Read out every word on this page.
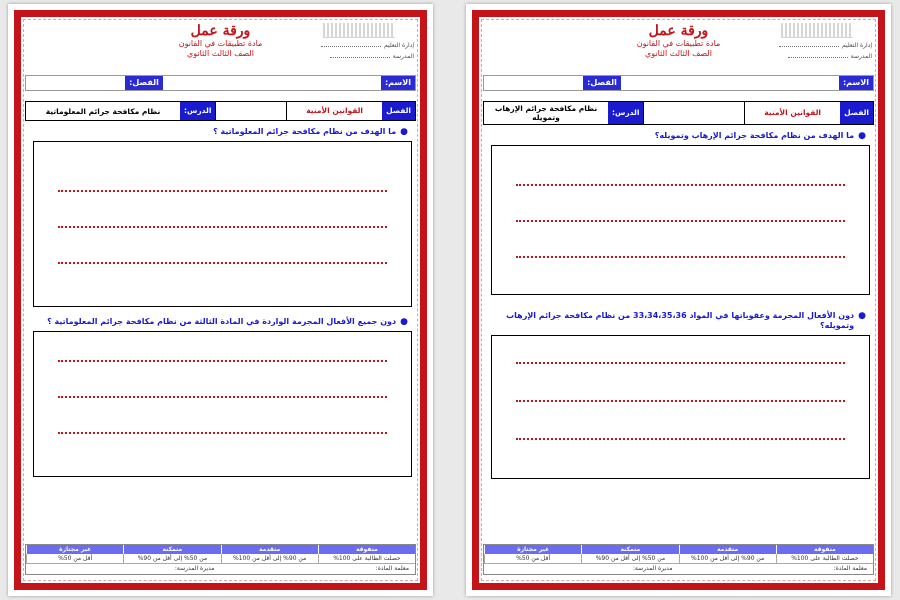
إدارة التعليم
المدرسة
ورقة عمل
مادة تطبيقات في القانون
الصف الثالث الثانوي
الاسم:
الفصل:
الفصل
القوانين الأمنية
الدرس:
نظام مكافحة جرائم المعلوماتية
●
ما الهدف من نظام مكافحة جرائم المعلوماتية ؟
●
دون جميع الأفعال المجرمة الواردة في المادة الثالثة من نظام مكافحة جرائم المعلوماتية ؟
متفوقة
متقدمة
متمكنة
غير مجتازة
حصلت الطالبة على 100%
من 90% إلى أقل من 100%
من 50% إلى أقل من 90%
أقل من 50%
معلمة المادة:
مديرة المدرسة:
إدارة التعليم
المدرسة
ورقة عمل
مادة تطبيقات في القانون
الصف الثالث الثانوي
الاسم:
الفصل:
الفصل
القوانين الأمنية
الدرس:
نظام مكافحة جرائم الإرهاب وتمويله
●
ما الهدف من نظام مكافحة جرائم الإرهاب وتمويله؟
●
دون الأفعال المجرمة وعقوباتها في المواد 33،34،35،36 من نظام مكافحة جرائم الإرهاب وتمويله؟
متفوقة
متقدمة
متمكنة
غير مجتازة
حصلت الطالبة على 100%
من 90% إلى أقل من 100%
من 50% إلى أقل من 90%
أقل من 50%
معلمة المادة:
مديرة المدرسة:
